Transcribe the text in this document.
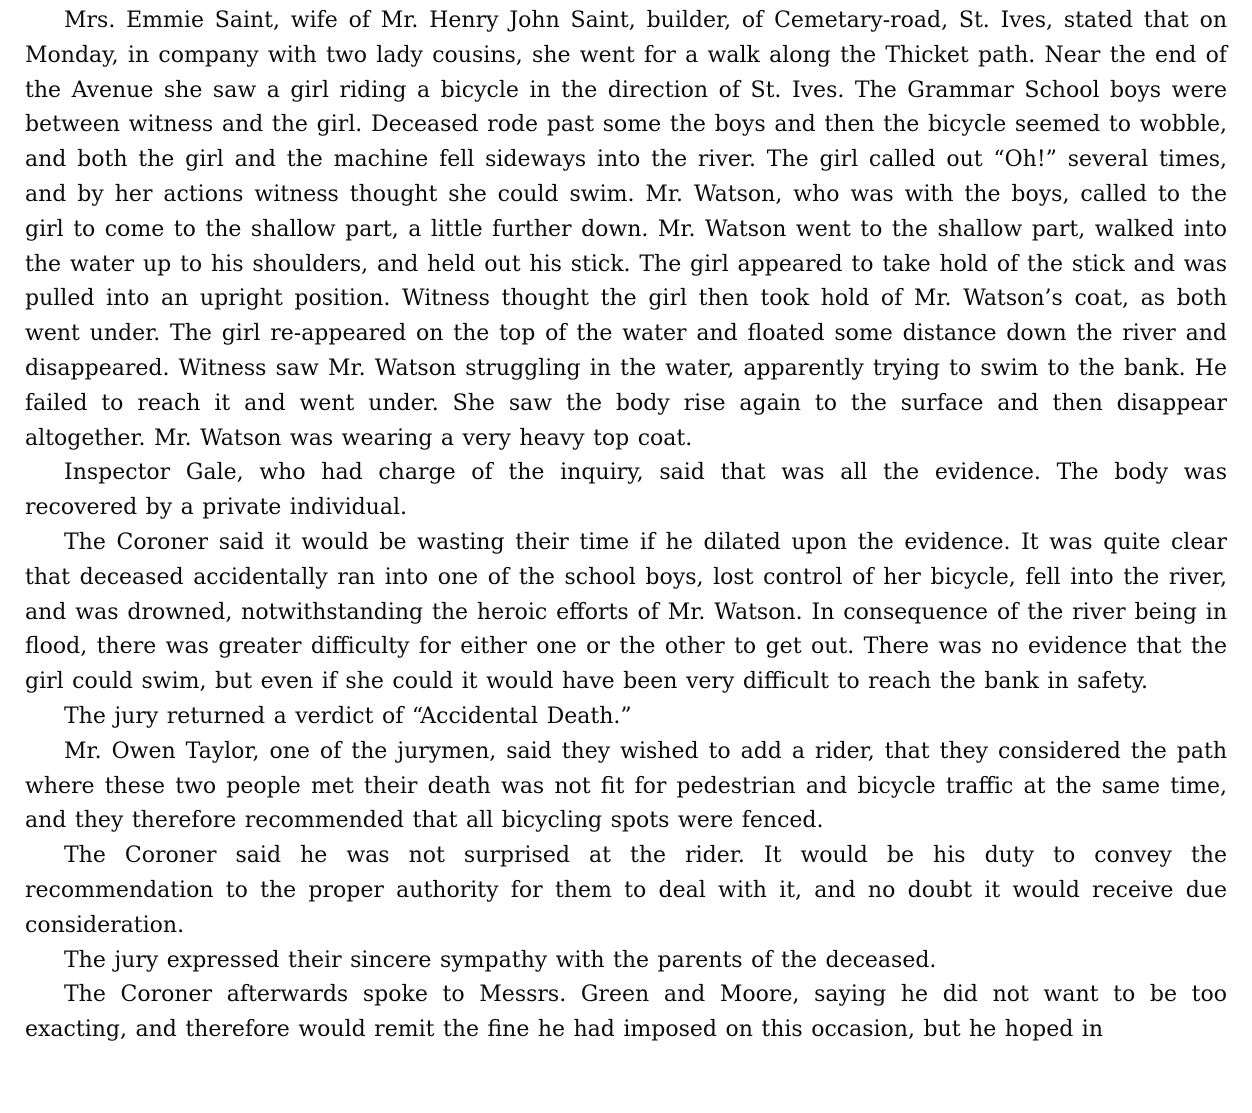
Mrs. Emmie Saint, wife of Mr. Henry John Saint, builder, of Cemetary-road, St. Ives, stated that on Monday, in company with two lady cousins, she went for a walk along the Thicket path. Near the end of the Avenue she saw a girl riding a bicycle in the direction of St. Ives. The Grammar School boys were between witness and the girl. Deceased rode past some the boys and then the bicycle seemed to wobble, and both the girl and the machine fell sideways into the river. The girl called out “Oh!” several times, and by her actions witness thought she could swim. Mr. Watson, who was with the boys, called to the girl to come to the shallow part, a little further down. Mr. Watson went to the shallow part, walked into the water up to his shoulders, and held out his stick. The girl appeared to take hold of the stick and was pulled into an upright position. Witness thought the girl then took hold of Mr. Watson’s coat, as both went under. The girl re-appeared on the top of the water and floated some distance down the river and disappeared. Witness saw Mr. Watson struggling in the water, apparently trying to swim to the bank. He failed to reach it and went under. She saw the body rise again to the surface and then disappear altogether. Mr. Watson was wearing a very heavy top coat.

Inspector Gale, who had charge of the inquiry, said that was all the evidence. The body was recovered by a private individual.

The Coroner said it would be wasting their time if he dilated upon the evidence. It was quite clear that deceased accidentally ran into one of the school boys, lost control of her bicycle, fell into the river, and was drowned, notwithstanding the heroic efforts of Mr. Watson. In consequence of the river being in flood, there was greater difficulty for either one or the other to get out. There was no evidence that the girl could swim, but even if she could it would have been very difficult to reach the bank in safety.

The jury returned a verdict of “Accidental Death.”

Mr. Owen Taylor, one of the jurymen, said they wished to add a rider, that they considered the path where these two people met their death was not fit for pedestrian and bicycle traffic at the same time, and they therefore recommended that all bicycling spots were fenced.

The Coroner said he was not surprised at the rider. It would be his duty to convey the recommendation to the proper authority for them to deal with it, and no doubt it would receive due consideration.

The jury expressed their sincere sympathy with the parents of the deceased.

The Coroner afterwards spoke to Messrs. Green and Moore, saying he did not want to be too exacting, and therefore would remit the fine he had imposed on this occasion, but he hoped in
